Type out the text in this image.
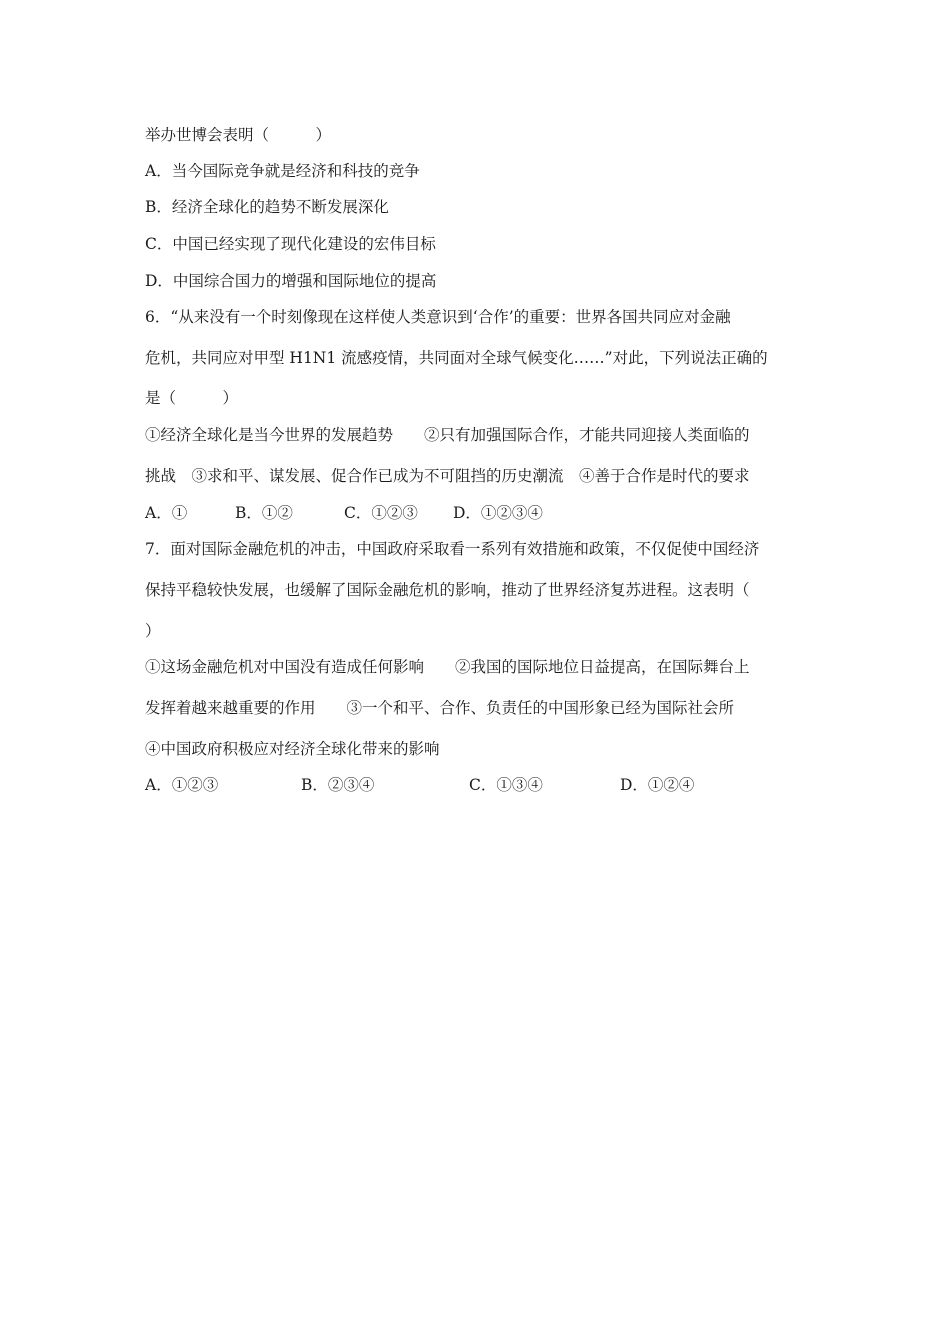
举办世博会表明（　　　）
A．当今国际竞争就是经济和科技的竞争
B．经济全球化的趋势不断发展深化
C．中国已经实现了现代化建设的宏伟目标
D．中国综合国力的增强和国际地位的提高
6．“从来没有一个时刻像现在这样使人类意识到‘合作’的重要：世界各国共同应对金融
危机，共同应对甲型 H1N1 流感疫情，共同面对全球气候变化……”对此，下列说法正确的
是（　　　）
①经济全球化是当今世界的发展趋势　　②只有加强国际合作，才能共同迎接人类面临的
挑战　③求和平、谋发展、促合作已成为不可阻挡的历史潮流　④善于合作是时代的要求
A．①	B．①②	C．①②③ D．①②③④
7．面对国际金融危机的冲击，中国政府采取看一系列有效措施和政策，不仅促使中国经济
保持平稳较快发展，也缓解了国际金融危机的影响，推动了世界经济复苏进程。这表明（
）
①这场金融危机对中国没有造成任何影响　　②我国的国际地位日益提高，在国际舞台上
发挥着越来越重要的作用　　③一个和平、合作、负责任的中国形象已经为国际社会所
④中国政府积极应对经济全球化带来的影响
A．①②③	B．②③④	C．①③④	D．①②④
